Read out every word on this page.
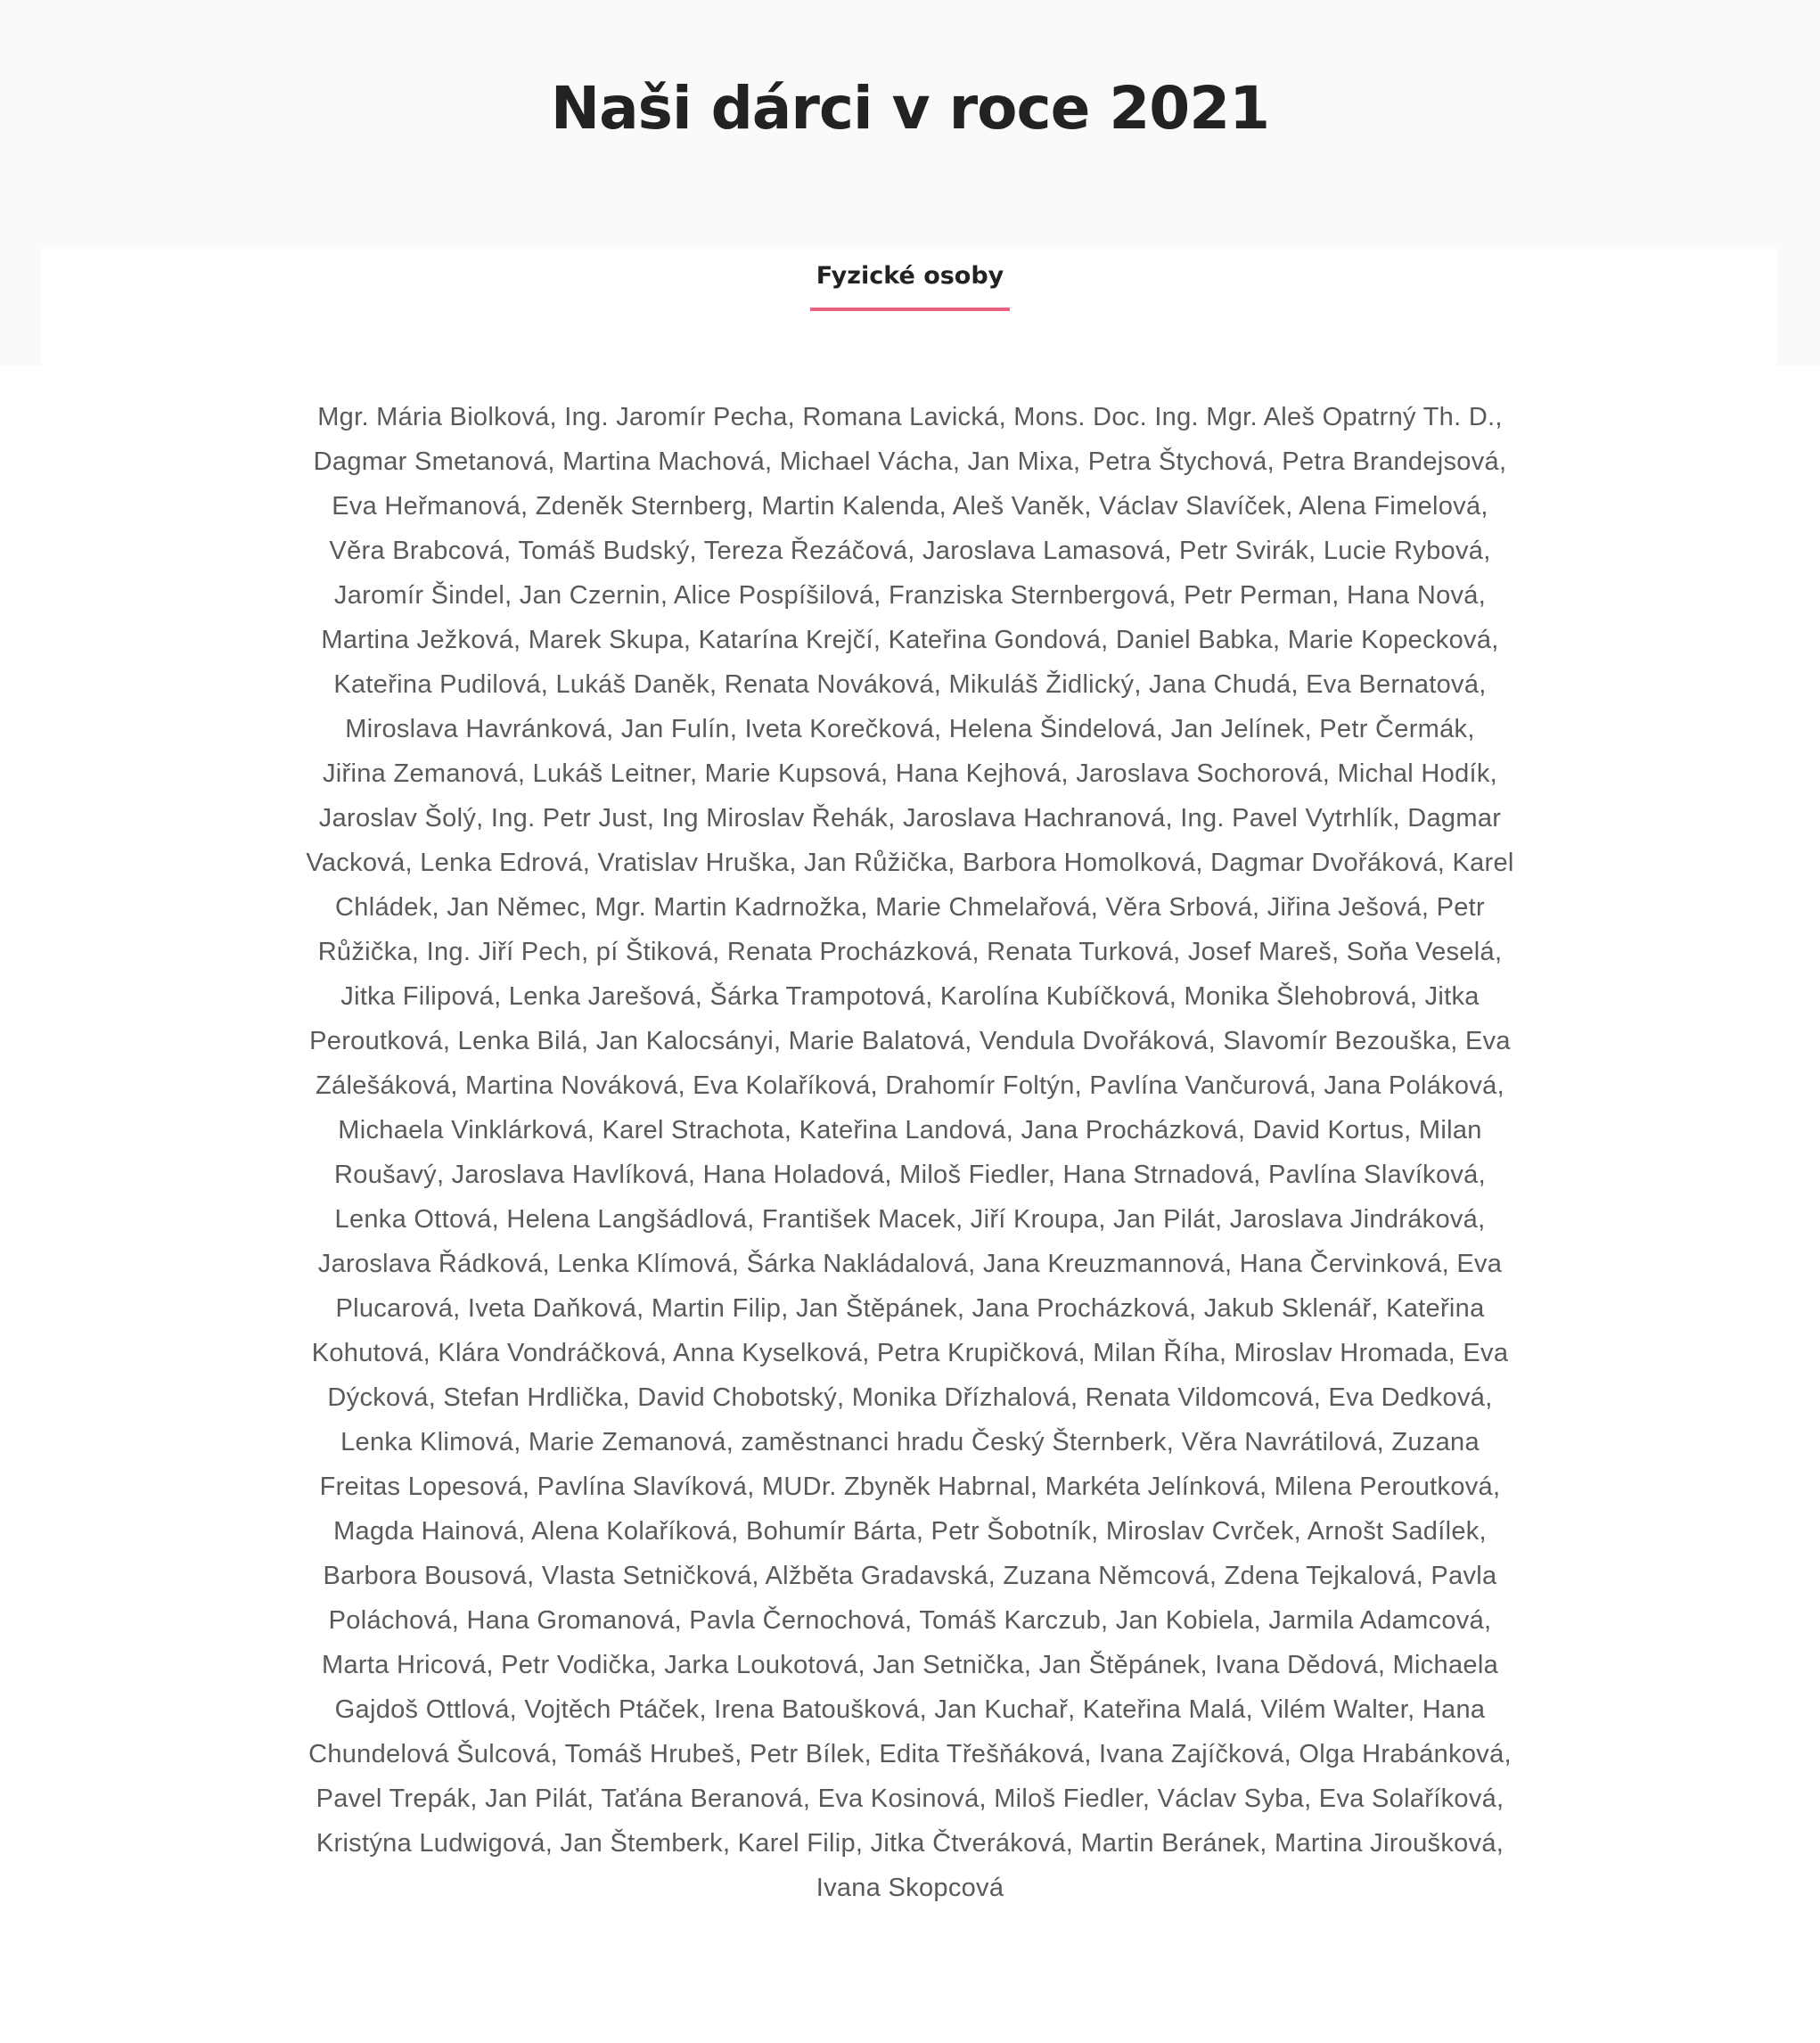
Naši dárci v roce 2021
Fyzické osoby

Mgr. Mária Biolková, Ing. Jaromír Pecha, Romana Lavická, Mons. Doc. Ing. Mgr. Aleš Opatrný Th. D.,
Dagmar Smetanová, Martina Machová, Michael Vácha, Jan Mixa, Petra Štychová, Petra Brandejsová,
Eva Heřmanová, Zdeněk Sternberg, Martin Kalenda, Aleš Vaněk, Václav Slavíček, Alena Fimelová,
Věra Brabcová, Tomáš Budský, Tereza Řezáčová, Jaroslava Lamasová, Petr Svirák, Lucie Rybová,
Jaromír Šindel, Jan Czernin, Alice Pospíšilová, Franziska Sternbergová, Petr Perman, Hana Nová,
Martina Ježková, Marek Skupa, Katarína Krejčí, Kateřina Gondová, Daniel Babka, Marie Kopecková,
Kateřina Pudilová, Lukáš Daněk, Renata Nováková, Mikuláš Židlický, Jana Chudá, Eva Bernatová,
Miroslava Havránková, Jan Fulín, Iveta Korečková, Helena Šindelová, Jan Jelínek, Petr Čermák,
Jiřina Zemanová, Lukáš Leitner, Marie Kupsová, Hana Kejhová, Jaroslava Sochorová, Michal Hodík,
Jaroslav Šolý, Ing. Petr Just, Ing Miroslav Řehák, Jaroslava Hachranová, Ing. Pavel Vytrhlík, Dagmar
Vacková, Lenka Edrová, Vratislav Hruška, Jan Růžička, Barbora Homolková, Dagmar Dvořáková, Karel
Chládek, Jan Němec, Mgr. Martin Kadrnožka, Marie Chmelařová, Věra Srbová, Jiřina Ješová, Petr
Růžička, Ing. Jiří Pech, pí Štiková, Renata Procházková, Renata Turková, Josef Mareš, Soňa Veselá,
Jitka Filipová, Lenka Jarešová, Šárka Trampotová, Karolína Kubíčková, Monika Šlehobrová, Jitka
Peroutková, Lenka Bilá, Jan Kalocsányi, Marie Balatová, Vendula Dvořáková, Slavomír Bezouška, Eva
Zálešáková, Martina Nováková, Eva Kolaříková, Drahomír Foltýn, Pavlína Vančurová, Jana Poláková,
Michaela Vinklárková, Karel Strachota, Kateřina Landová, Jana Procházková, David Kortus, Milan
Roušavý, Jaroslava Havlíková, Hana Holadová, Miloš Fiedler, Hana Strnadová, Pavlína Slavíková,
Lenka Ottová, Helena Langšádlová, František Macek, Jiří Kroupa, Jan Pilát, Jaroslava Jindráková,
Jaroslava Řádková, Lenka Klímová, Šárka Nakládalová, Jana Kreuzmannová, Hana Červinková, Eva
Plucarová, Iveta Daňková, Martin Filip, Jan Štěpánek, Jana Procházková, Jakub Sklenář, Kateřina
Kohutová, Klára Vondráčková, Anna Kyselková, Petra Krupičková, Milan Říha, Miroslav Hromada, Eva
Dýcková, Stefan Hrdlička, David Chobotský, Monika Dřízhalová, Renata Vildomcová, Eva Dedková,
Lenka Klimová, Marie Zemanová, zaměstnanci hradu Český Šternberk, Věra Navrátilová, Zuzana
Freitas Lopesová, Pavlína Slavíková, MUDr. Zbyněk Habrnal, Markéta Jelínková, Milena Peroutková,
Magda Hainová, Alena Kolaříková, Bohumír Bárta, Petr Šobotník, Miroslav Cvrček, Arnošt Sadílek,
Barbora Bousová, Vlasta Setničková, Alžběta Gradavská, Zuzana Němcová, Zdena Tejkalová, Pavla
Poláchová, Hana Gromanová, Pavla Černochová, Tomáš Karczub, Jan Kobiela, Jarmila Adamcová,
Marta Hricová, Petr Vodička, Jarka Loukotová, Jan Setnička, Jan Štěpánek, Ivana Dědová, Michaela
Gajdoš Ottlová, Vojtěch Ptáček, Irena Batoušková, Jan Kuchař, Kateřina Malá, Vilém Walter, Hana
Chundelová Šulcová, Tomáš Hrubeš, Petr Bílek, Edita Třešňáková, Ivana Zajíčková, Olga Hrabánková,
Pavel Trepák, Jan Pilát, Taťána Beranová, Eva Kosinová, Miloš Fiedler, Václav Syba, Eva Solaříková,
Kristýna Ludwigová, Jan Štemberk, Karel Filip, Jitka Čtveráková, Martin Beránek, Martina Jiroušková,
Ivana Skopcová
